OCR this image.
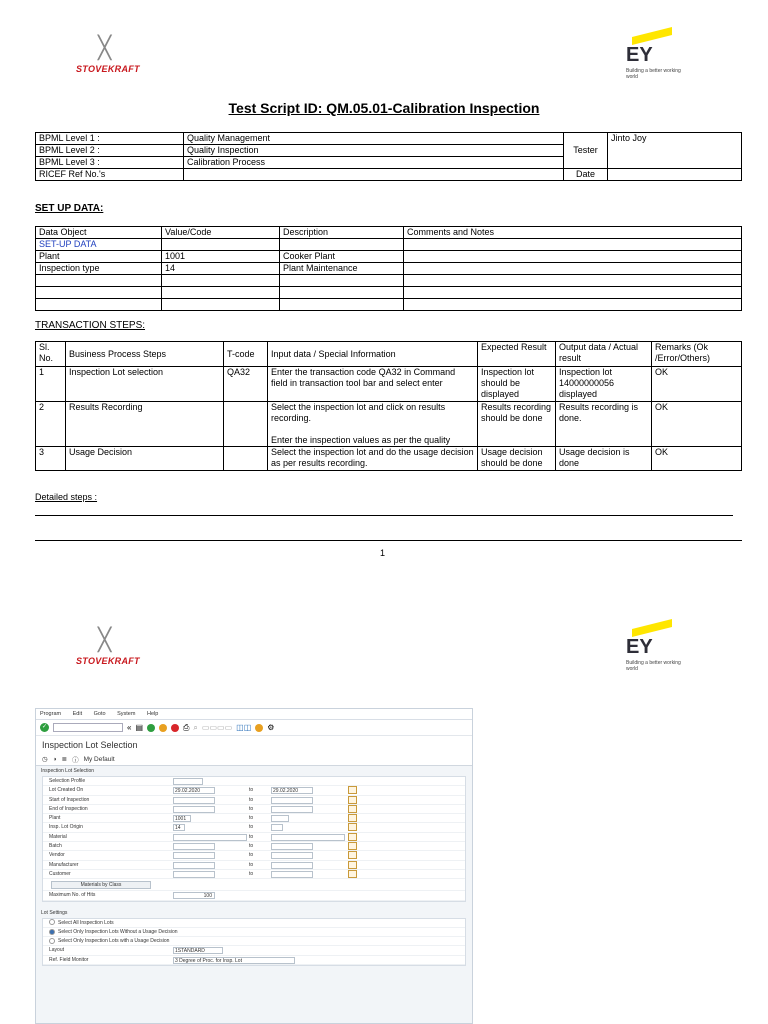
╳
STOVEKRAFT
EY
Building a better working world
Test Script ID: QM.05.01-Calibration Inspection
BPML Level 1 :	Quality Management	Tester	Jinto Joy
BPML Level 2 :	Quality Inspection		
BPML Level 3 :	Calibration Process		
RICEF Ref No.'s		Date	
SET UP DATA:
Data Object	Value/Code	Description	Comments and Notes
SET-UP DATA			
Plant	1001	Cooker Plant	
Inspection type	14	Plant Maintenance	

TRANSACTION STEPS:
Sl. No.	Business Process Steps	T-code	Input data / Special Information	Expected Result	Output data / Actual result	Remarks (Ok /Error/Others)
1	Inspection Lot selection	QA32	Enter the transaction code QA32 in Command field in transaction tool bar and select enter	Inspection lot should be displayed	Inspection lot 14000000056 displayed	OK
2	Results Recording		Select the inspection lot and click on results recording.

Enter the inspection values as per the quality	Results recording should be done	Results recording is done.	OK
3	Usage Decision		Select the inspection lot and do the usage decision as per results recording.	Usage decision should be done	Usage decision is done	OK
Detailed steps :
1
╳
STOVEKRAFT
EY
Building a better working world
Program Edit Goto System Help
✓	« ▤	⎙ ⌕ ▭▭▭▭ ◫◫ ⚙
Inspection Lot Selection
◷ ◑ ≣ ⓘ My Default
Inspection Lot Selection
Selection Profile
Lot Created On	29.02.2020	to	29.02.2020
Start of Inspection	to
End of Inspection	to
Plant	1001	to
Insp. Lot Origin	14	to
Material	to
Batch	to
Vendor	to
Manufacturer	to
Customer	to
Materials by Class
Maximum No. of Hits	100
Lot Settings
Select All Inspection Lots
Select Only Inspection Lots Without a Usage Decision
Select Only Inspection Lots with a Usage Decision
Layout	1STANDARD
Ref. Field Monitor	3 Degree of Proc. for Insp. Lot
